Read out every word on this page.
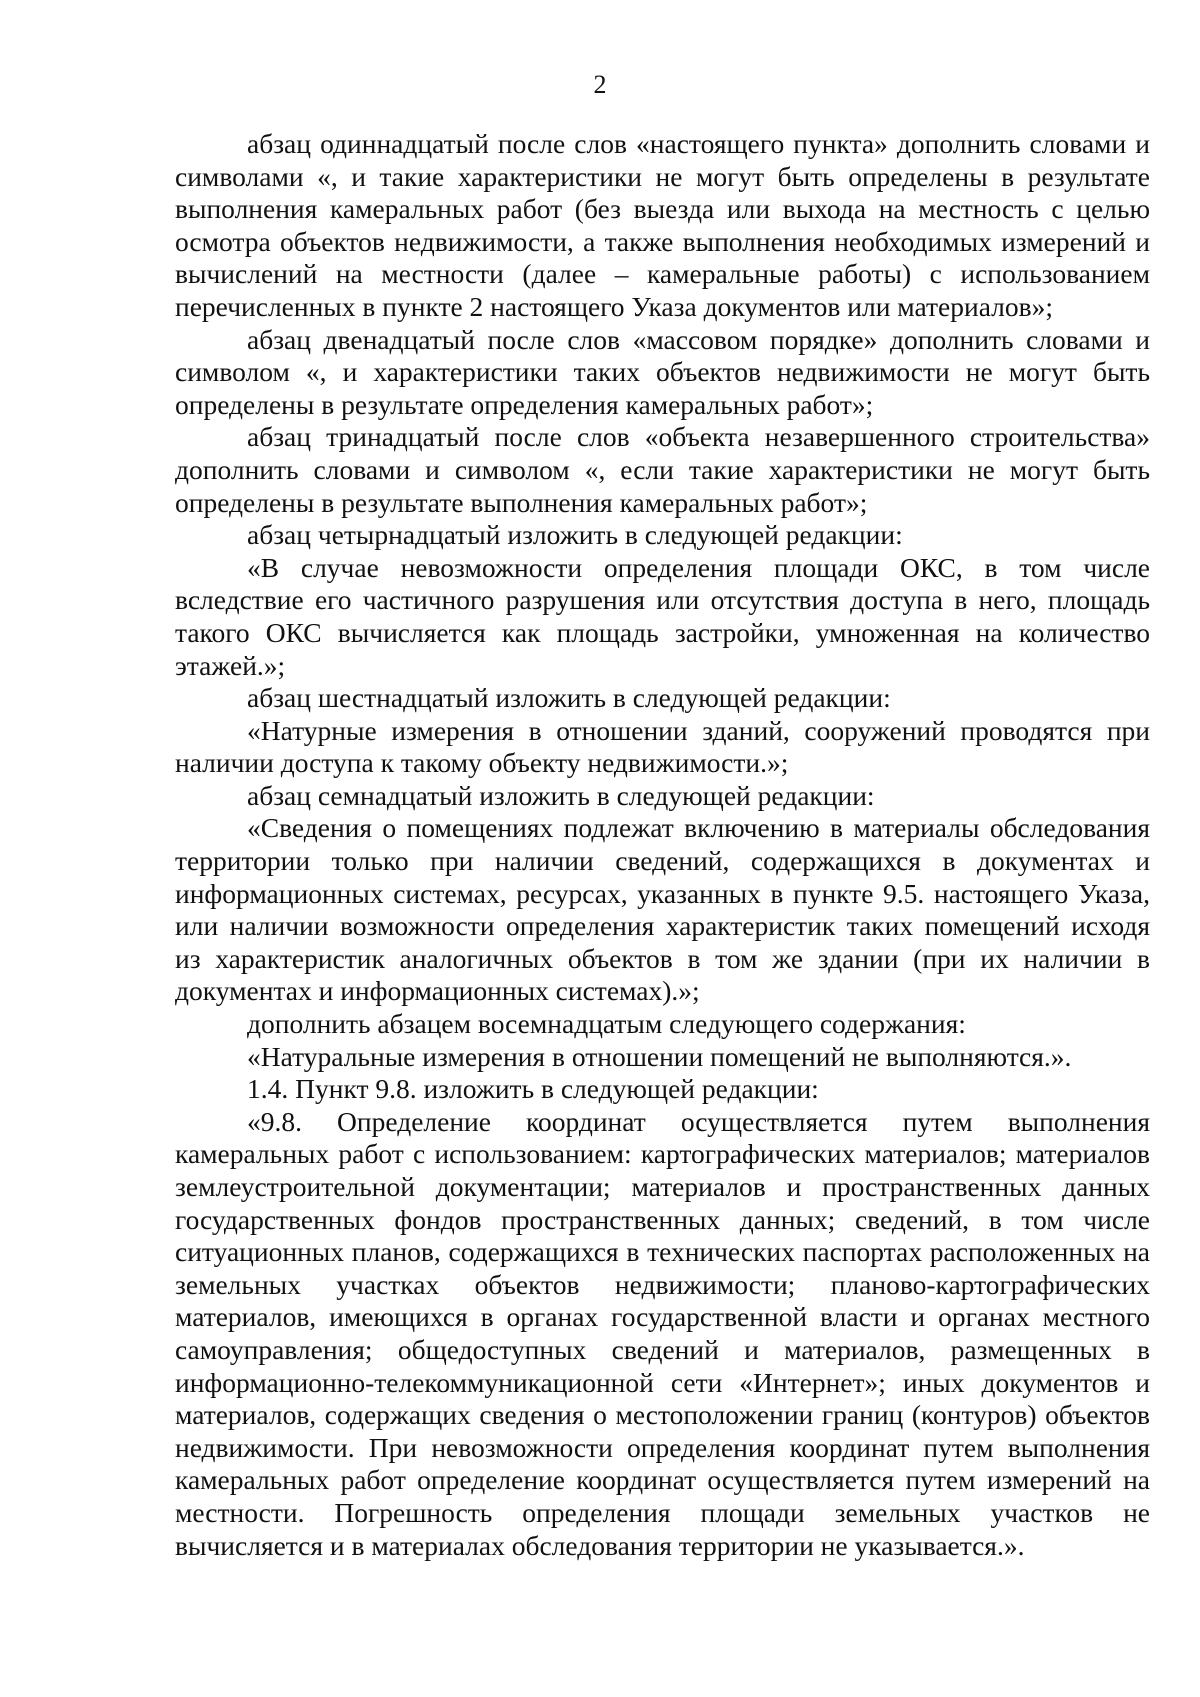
2

абзац одиннадцатый после слов «настоящего пункта» дополнить словами и символами «, и такие характеристики не могут быть определены в результате выполнения камеральных работ (без выезда или выхода на местность с целью осмотра объектов недвижимости, а также выполнения необходимых измерений и вычислений на местности (далее – камеральные работы) с использованием перечисленных в пункте 2 настоящего Указа документов или материалов»;

абзац двенадцатый после слов «массовом порядке» дополнить словами и символом «, и характеристики таких объектов недвижимости не могут быть определены в результате определения камеральных работ»;

абзац тринадцатый после слов «объекта незавершенного строительства» дополнить словами и символом «, если такие характеристики не могут быть определены в результате выполнения камеральных работ»;

абзац четырнадцатый изложить в следующей редакции:

«В случае невозможности определения площади ОКС, в том числе вследствие его частичного разрушения или отсутствия доступа в него, площадь такого ОКС вычисляется как площадь застройки, умноженная на количество этажей.»;

абзац шестнадцатый изложить в следующей редакции:

«Натурные измерения в отношении зданий, сооружений проводятся при наличии доступа к такому объекту недвижимости.»;

абзац семнадцатый изложить в следующей редакции:

«Сведения о помещениях подлежат включению в материалы обследования территории только при наличии сведений, содержащихся в документах и информационных системах, ресурсах, указанных в пункте 9.5. настоящего Указа, или наличии возможности определения характеристик таких помещений исходя из характеристик аналогичных объектов в том же здании (при их наличии в документах и информационных системах).»;

дополнить абзацем восемнадцатым следующего содержания:

«Натуральные измерения в отношении помещений не выполняются.».

1.4. Пункт 9.8. изложить в следующей редакции:

«9.8. Определение координат осуществляется путем выполнения камеральных работ с использованием: картографических материалов; материалов землеустроительной документации; материалов и пространственных данных государственных фондов пространственных данных; сведений, в том числе ситуационных планов, содержащихся в технических паспортах расположенных на земельных участках объектов недвижимости; планово-картографических материалов, имеющихся в органах государственной власти и органах местного самоуправления; общедоступных сведений и материалов, размещенных в информационно-телекоммуникационной сети «Интернет»; иных документов и материалов, содержащих сведения о местоположении границ (контуров) объектов недвижимости. При невозможности определения координат путем выполнения камеральных работ определение координат осуществляется путем измерений на местности. Погрешность определения площади земельных участков не вычисляется и в материалах обследования территории не указывается.».
